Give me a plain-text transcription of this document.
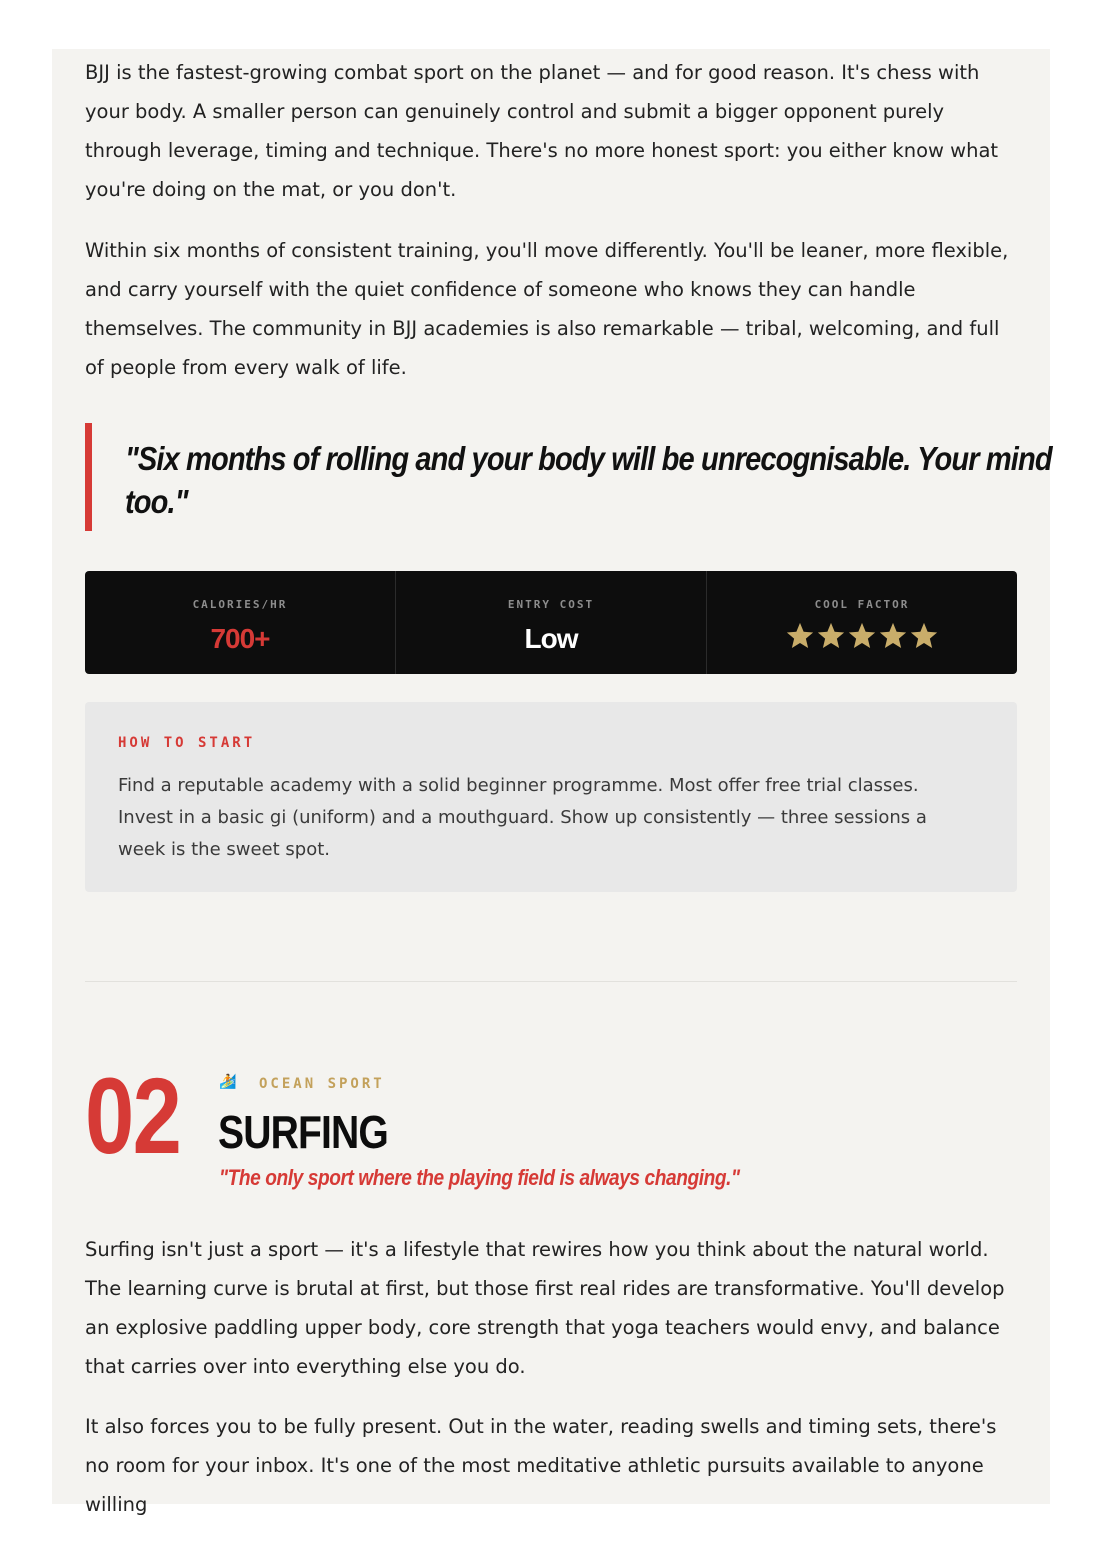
BJJ is the fastest-growing combat sport on the planet — and for good reason. It's chess with your body. A smaller person can genuinely control and submit a bigger opponent purely through leverage, timing and technique. There's no more honest sport: you either know what you're doing on the mat, or you don't.

Within six months of consistent training, you'll move differently. You'll be leaner, more flexible, and carry yourself with the quiet confidence of someone who knows they can handle themselves. The community in BJJ academies is also remarkable — tribal, welcoming, and full of people from every walk of life.

"Six months of rolling and your body will be unrecognisable. Your mind too."

CALORIES/HR
700+
ENTRY COST
Low
COOL FACTOR
HOW TO START

Find a reputable academy with a solid beginner programme. Most offer free trial classes. Invest in a basic gi (uniform) and a mouthguard. Show up consistently — three sessions a week is the sweet spot.

02	🏄 OCEAN SPORT
SURFING
"The only sport where the playing field is always changing."

Surfing isn't just a sport — it's a lifestyle that rewires how you think about the natural world. The learning curve is brutal at first, but those first real rides are transformative. You'll develop an explosive paddling upper body, core strength that yoga teachers would envy, and balance that carries over into everything else you do.

It also forces you to be fully present. Out in the water, reading swells and timing sets, there's no room for your inbox. It's one of the most meditative athletic pursuits available to anyone willing
